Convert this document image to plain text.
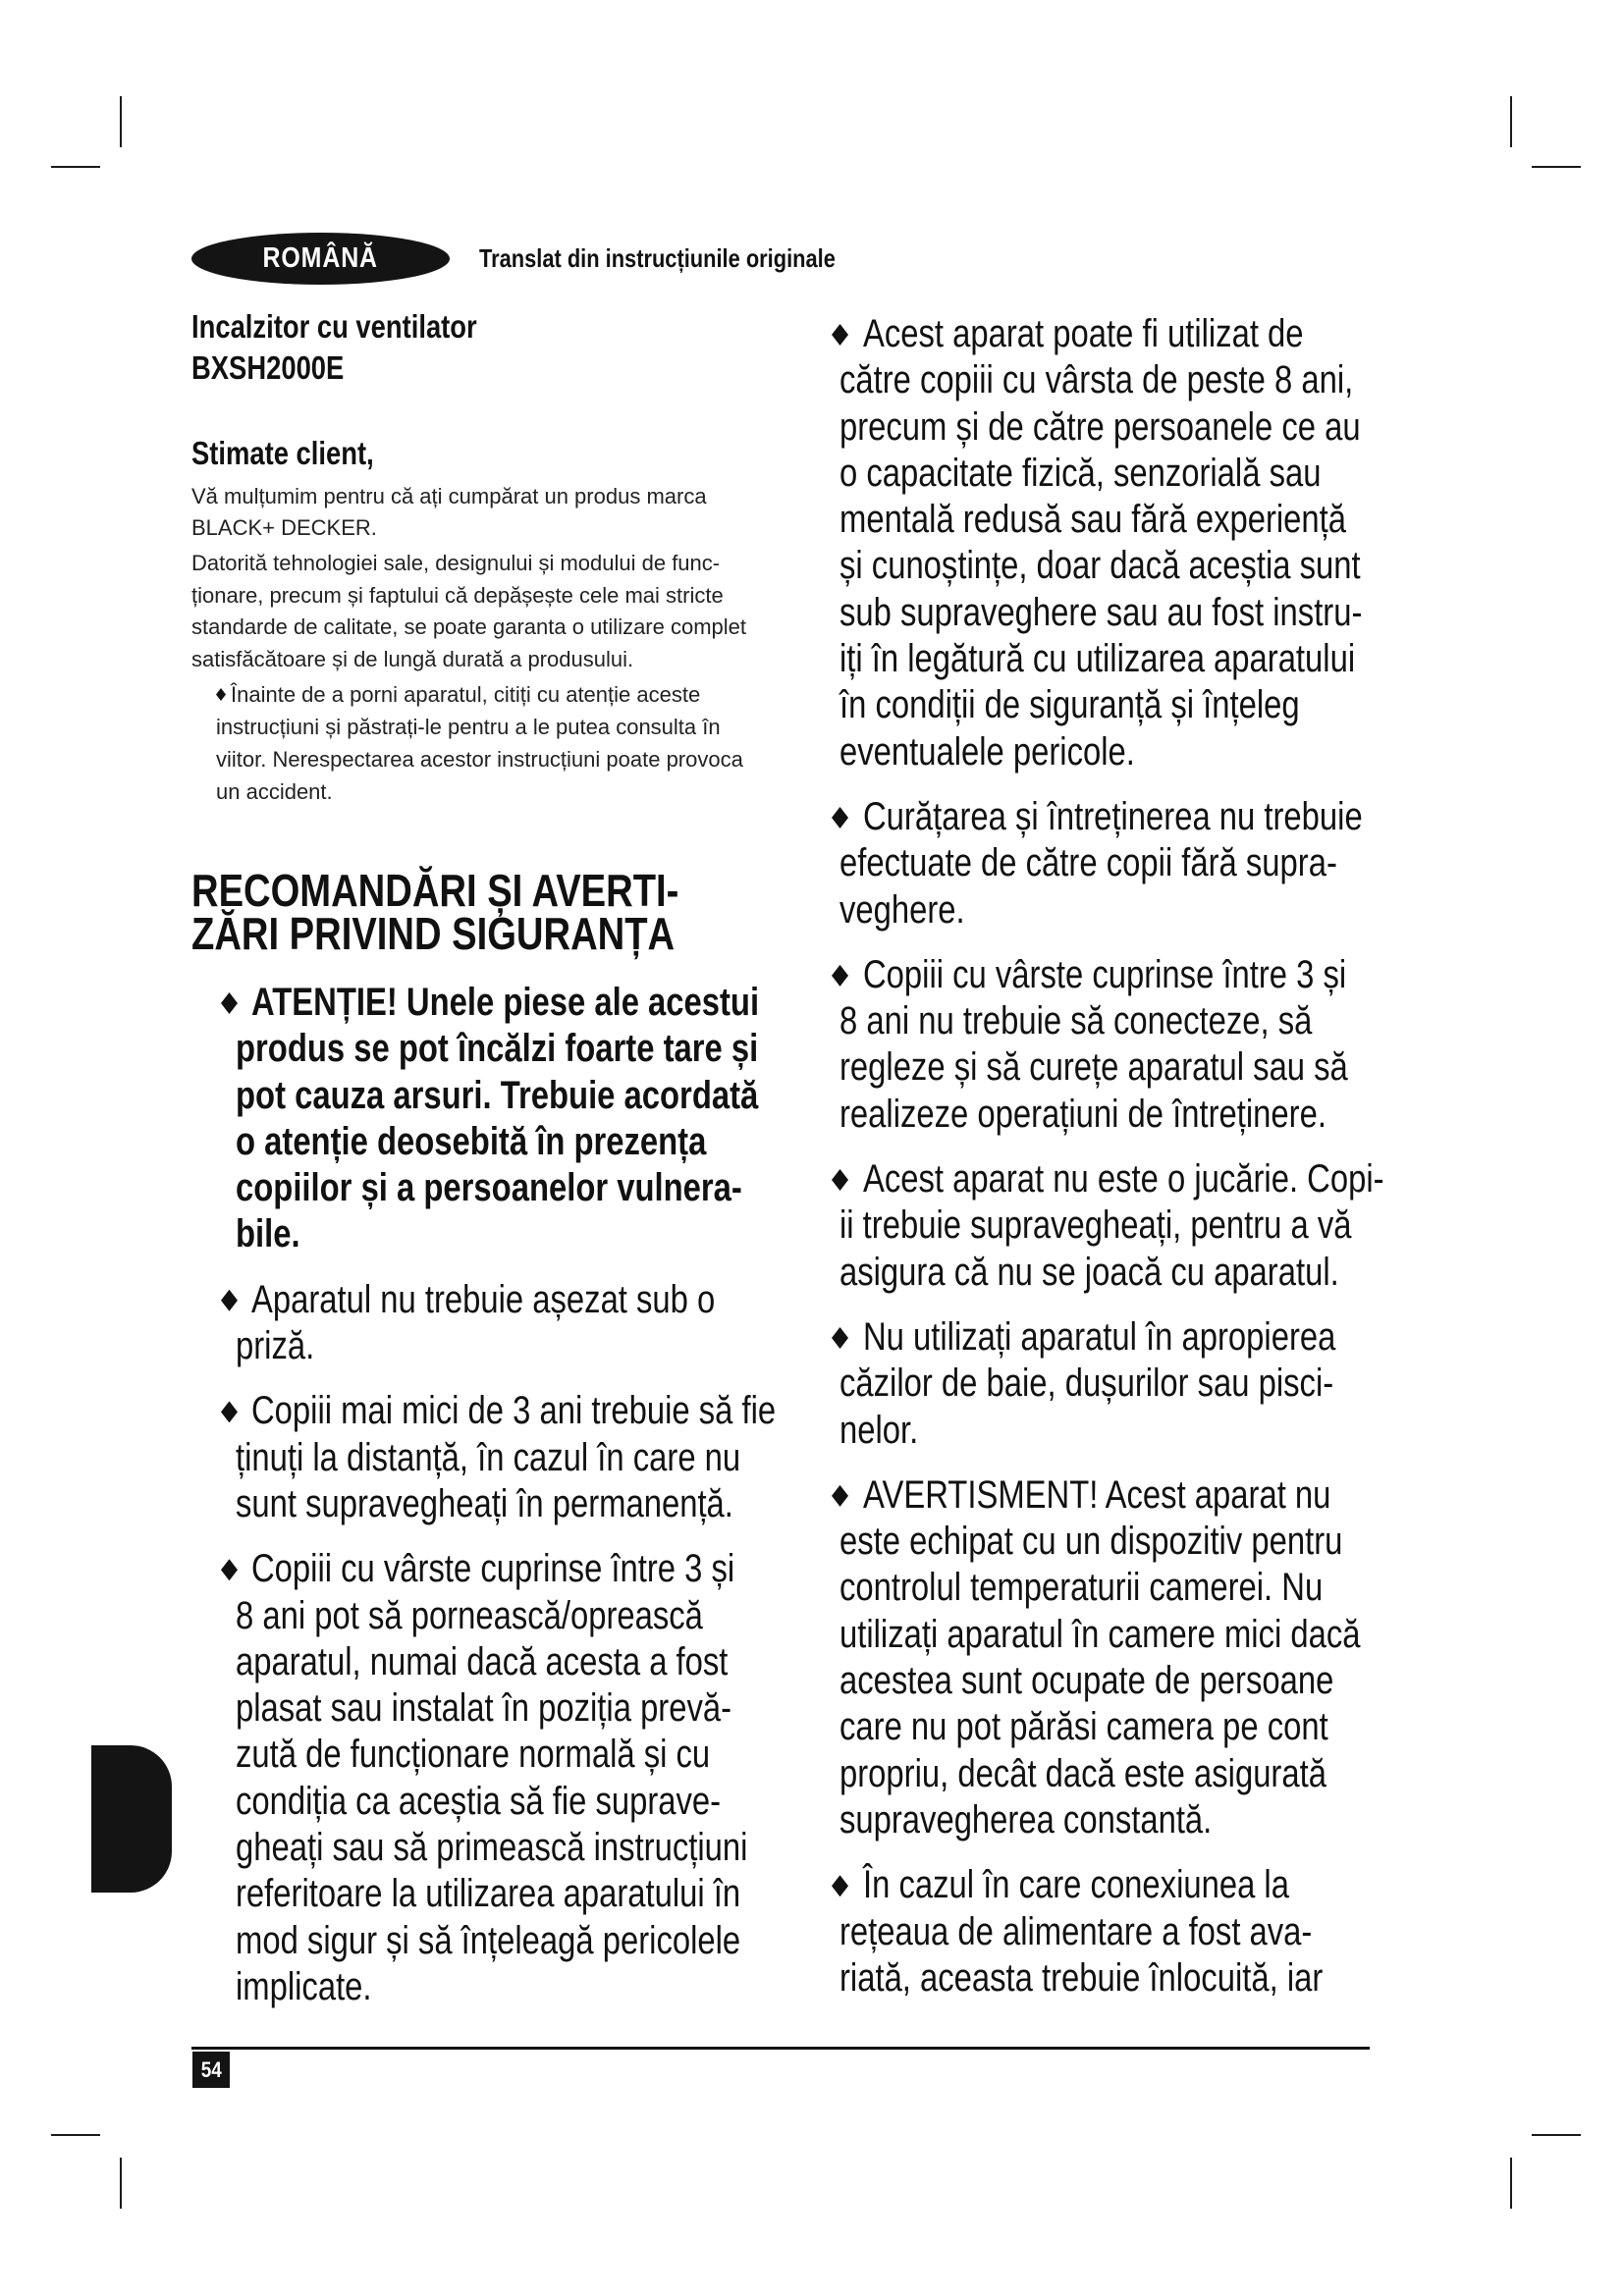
ROMÂNĂ	Translat din instrucțiunile originale
Incalzitor cu ventilator
BXSH2000E
Stimate client,
Vă mulțumim pentru că ați cumpărat un produs marca
BLACK+ DECKER.
Datorită tehnologiei sale, designului și modului de func-
ționare, precum și faptului că depășește cele mai stricte
standarde de calitate, se poate garanta o utilizare complet
satisfăcătoare și de lungă durată a produsului.
Înainte de a porni aparatul, citiți cu atenție aceste
instrucțiuni și păstrați-le pentru a le putea consulta în
viitor. Nerespectarea acestor instrucțiuni poate provoca
un accident.
RECOMANDĂRI ȘI AVERTI-
ZĂRI PRIVIND SIGURANȚA
ATENȚIE! Unele piese ale acestui
produs se pot încălzi foarte tare și
pot cauza arsuri. Trebuie acordată
o atenție deosebită în prezența
copiilor și a persoanelor vulnera-
bile.
Aparatul nu trebuie așezat sub o
priză.
Copiii mai mici de 3 ani trebuie să fie
ținuți la distanță, în cazul în care nu
sunt supravegheați în permanență.
Copiii cu vârste cuprinse între 3 și
8 ani pot să pornească/oprească
aparatul, numai dacă acesta a fost
plasat sau instalat în poziția prevă-
zută de funcționare normală și cu
condiția ca aceștia să fie suprave-
gheați sau să primească instrucțiuni
referitoare la utilizarea aparatului în
mod sigur și să înțeleagă pericolele
implicate.
Acest aparat poate fi utilizat de
către copiii cu vârsta de peste 8 ani,
precum și de către persoanele ce au
o capacitate fizică, senzorială sau
mentală redusă sau fără experiență
și cunoștințe, doar dacă aceștia sunt
sub supraveghere sau au fost instru-
iți în legătură cu utilizarea aparatului
în condiții de siguranță și înțeleg
eventualele pericole.
Curățarea și întreținerea nu trebuie
efectuate de către copii fără supra-
veghere.
Copiii cu vârste cuprinse între 3 și
8 ani nu trebuie să conecteze, să
regleze și să curețe aparatul sau să
realizeze operațiuni de întreținere.
Acest aparat nu este o jucărie. Copi-
ii trebuie supravegheați, pentru a vă
asigura că nu se joacă cu aparatul.
Nu utilizați aparatul în apropierea
căzilor de baie, dușurilor sau pisci-
nelor.
AVERTISMENT! Acest aparat nu
este echipat cu un dispozitiv pentru
controlul temperaturii camerei. Nu
utilizați aparatul în camere mici dacă
acestea sunt ocupate de persoane
care nu pot părăsi camera pe cont
propriu, decât dacă este asigurată
supravegherea constantă.
În cazul în care conexiunea la
rețeaua de alimentare a fost ava-
riată, aceasta trebuie înlocuită, iar
54
